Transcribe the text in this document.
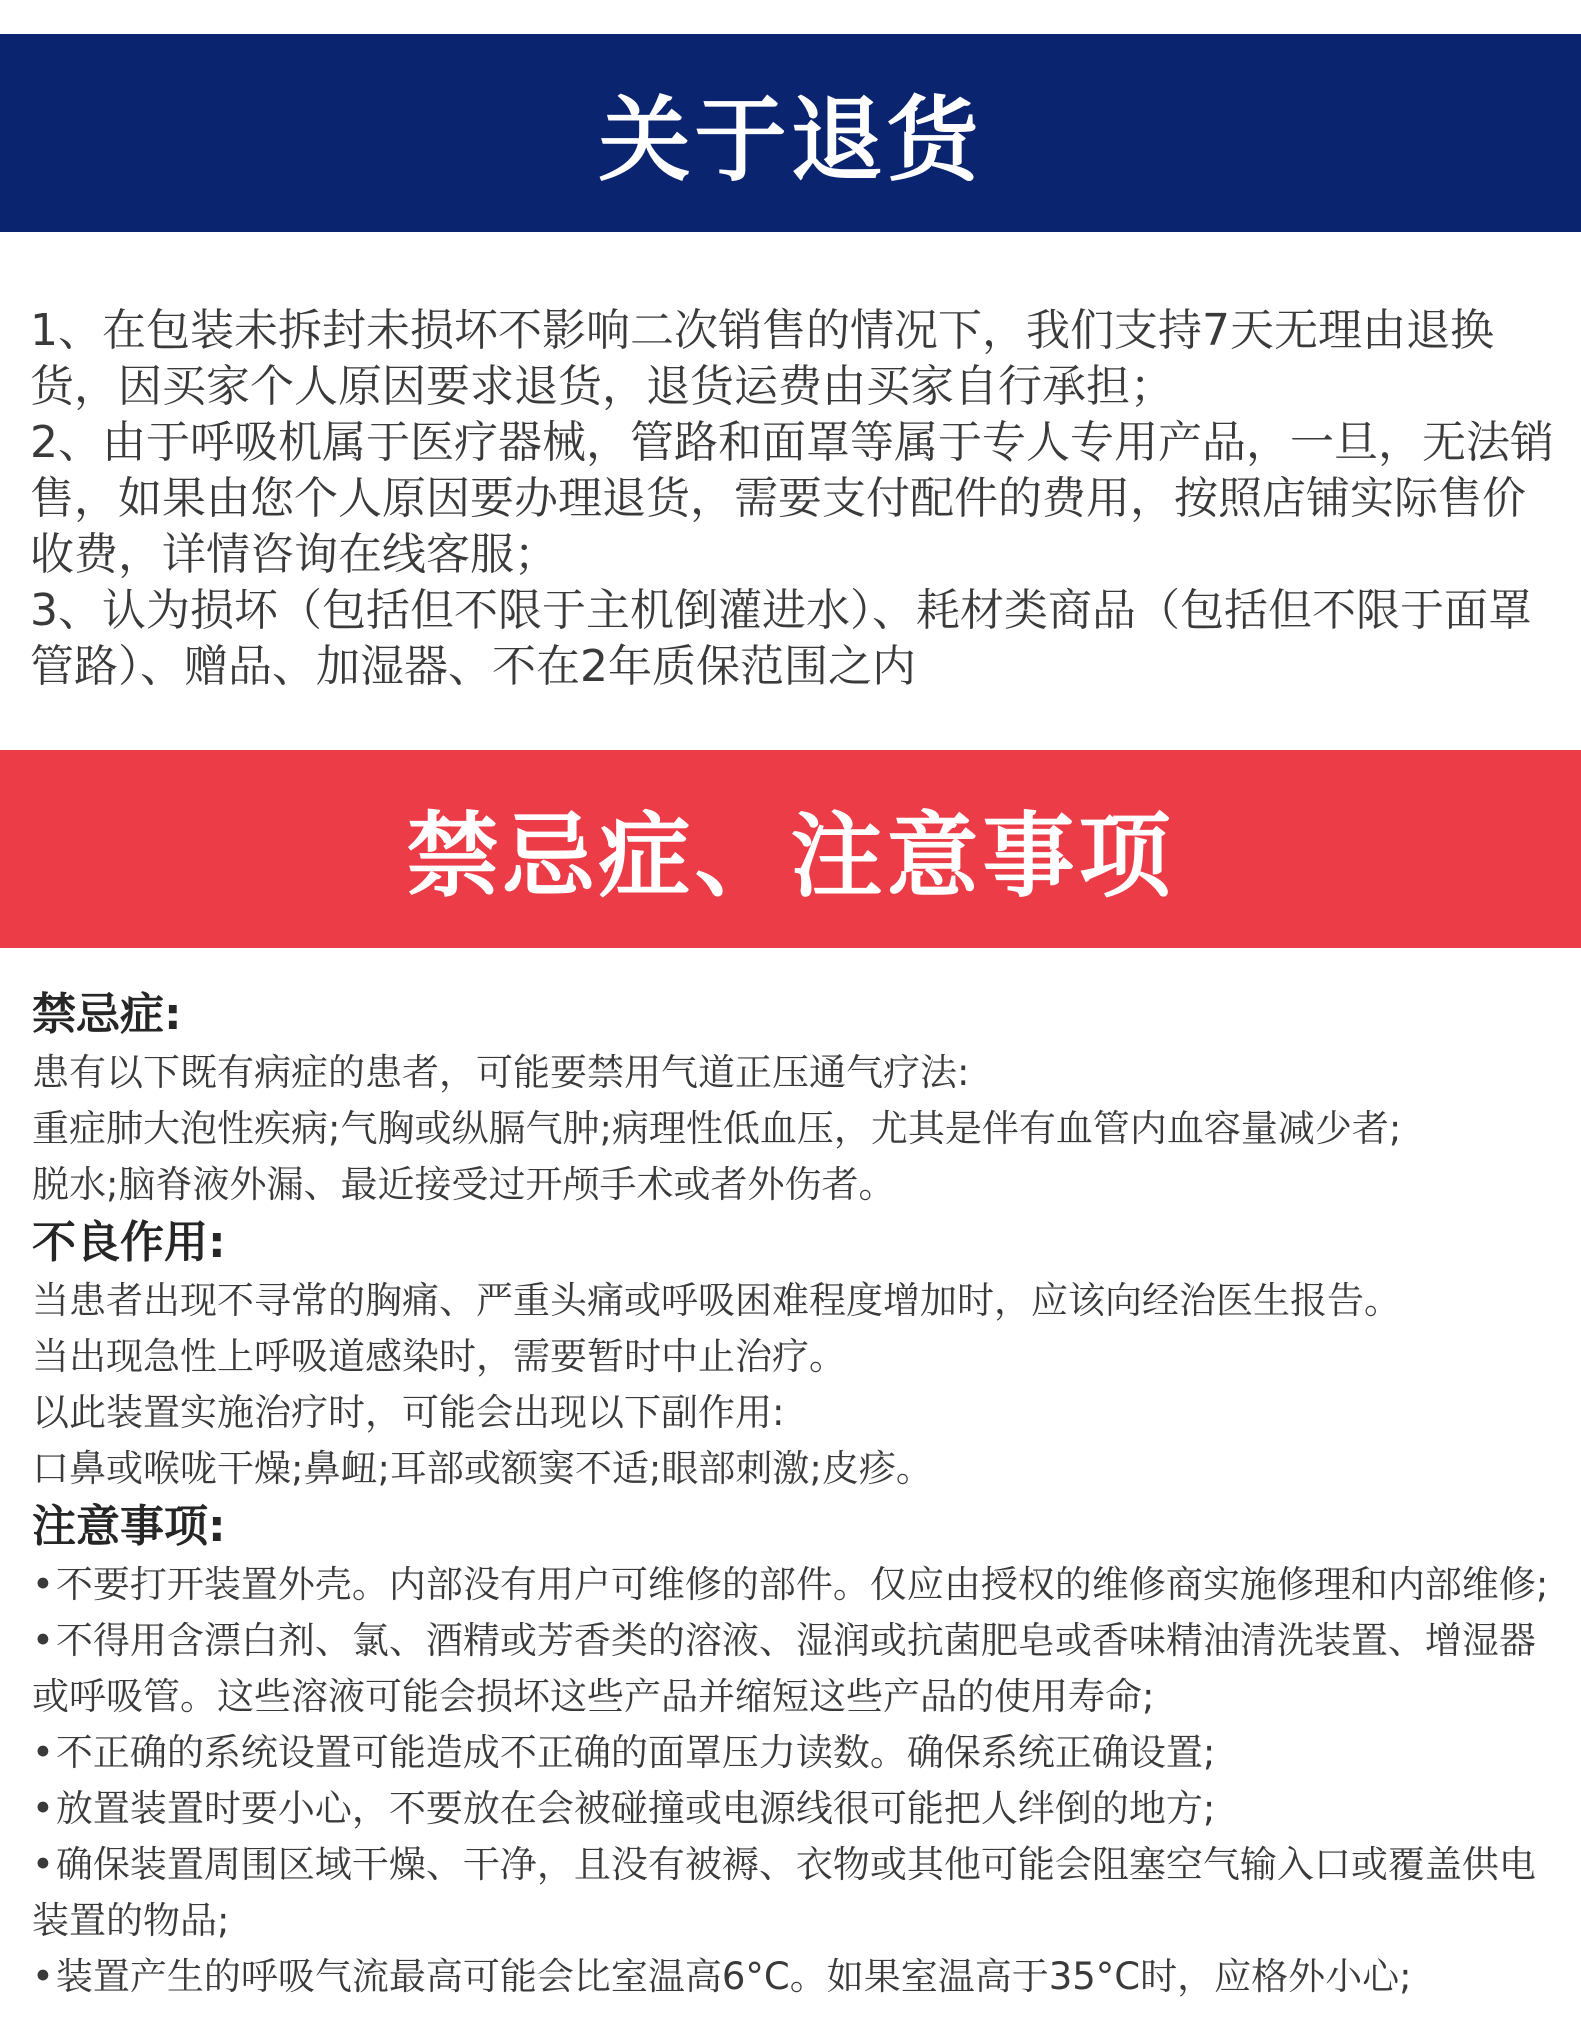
关于退货

1、在包装未拆封未损坏不影响二次销售的情况下，我们支持7天无理由退换货，因买家个人原因要求退货，退货运费由买家自行承担；

2、由于呼吸机属于医疗器械，管路和面罩等属于专人专用产品，一旦，无法销售，如果由您个人原因要办理退货，需要支付配件的费用，按照店铺实际售价收费，详情咨询在线客服；

3、认为损坏（包括但不限于主机倒灌进水）、耗材类商品（包括但不限于面罩管路）、赠品、加湿器、不在2年质保范围之内

禁忌症、注意事项
禁忌症:

患有以下既有病症的患者，可能要禁用气道正压通气疗法:

重症肺大泡性疾病;气胸或纵膈气肿;病理性低血压，尤其是伴有血管内血容量减少者;

脱水;脑脊液外漏、最近接受过开颅手术或者外伤者。

不良作用:

当患者出现不寻常的胸痛、严重头痛或呼吸困难程度增加时，应该向经治医生报告。

当出现急性上呼吸道感染时，需要暂时中止治疗。

以此装置实施治疗时，可能会出现以下副作用:

口鼻或喉咙干燥;鼻衄;耳部或额窦不适;眼部刺激;皮疹。

注意事项:

•不要打开装置外壳。内部没有用户可维修的部件。仅应由授权的维修商实施修理和内部维修;

•不得用含漂白剂、氯、酒精或芳香类的溶液、湿润或抗菌肥皂或香味精油清洗装置、增湿器或呼吸管。这些溶液可能会损坏这些产品并缩短这些产品的使用寿命;

•不正确的系统设置可能造成不正确的面罩压力读数。确保系统正确设置;

•放置装置时要小心，不要放在会被碰撞或电源线很可能把人绊倒的地方;

•确保装置周围区域干燥、干净，且没有被褥、衣物或其他可能会阻塞空气输入口或覆盖供电装置的物品;

•装置产生的呼吸气流最高可能会比室温高6°C。如果室温高于35°C时，应格外小心;
